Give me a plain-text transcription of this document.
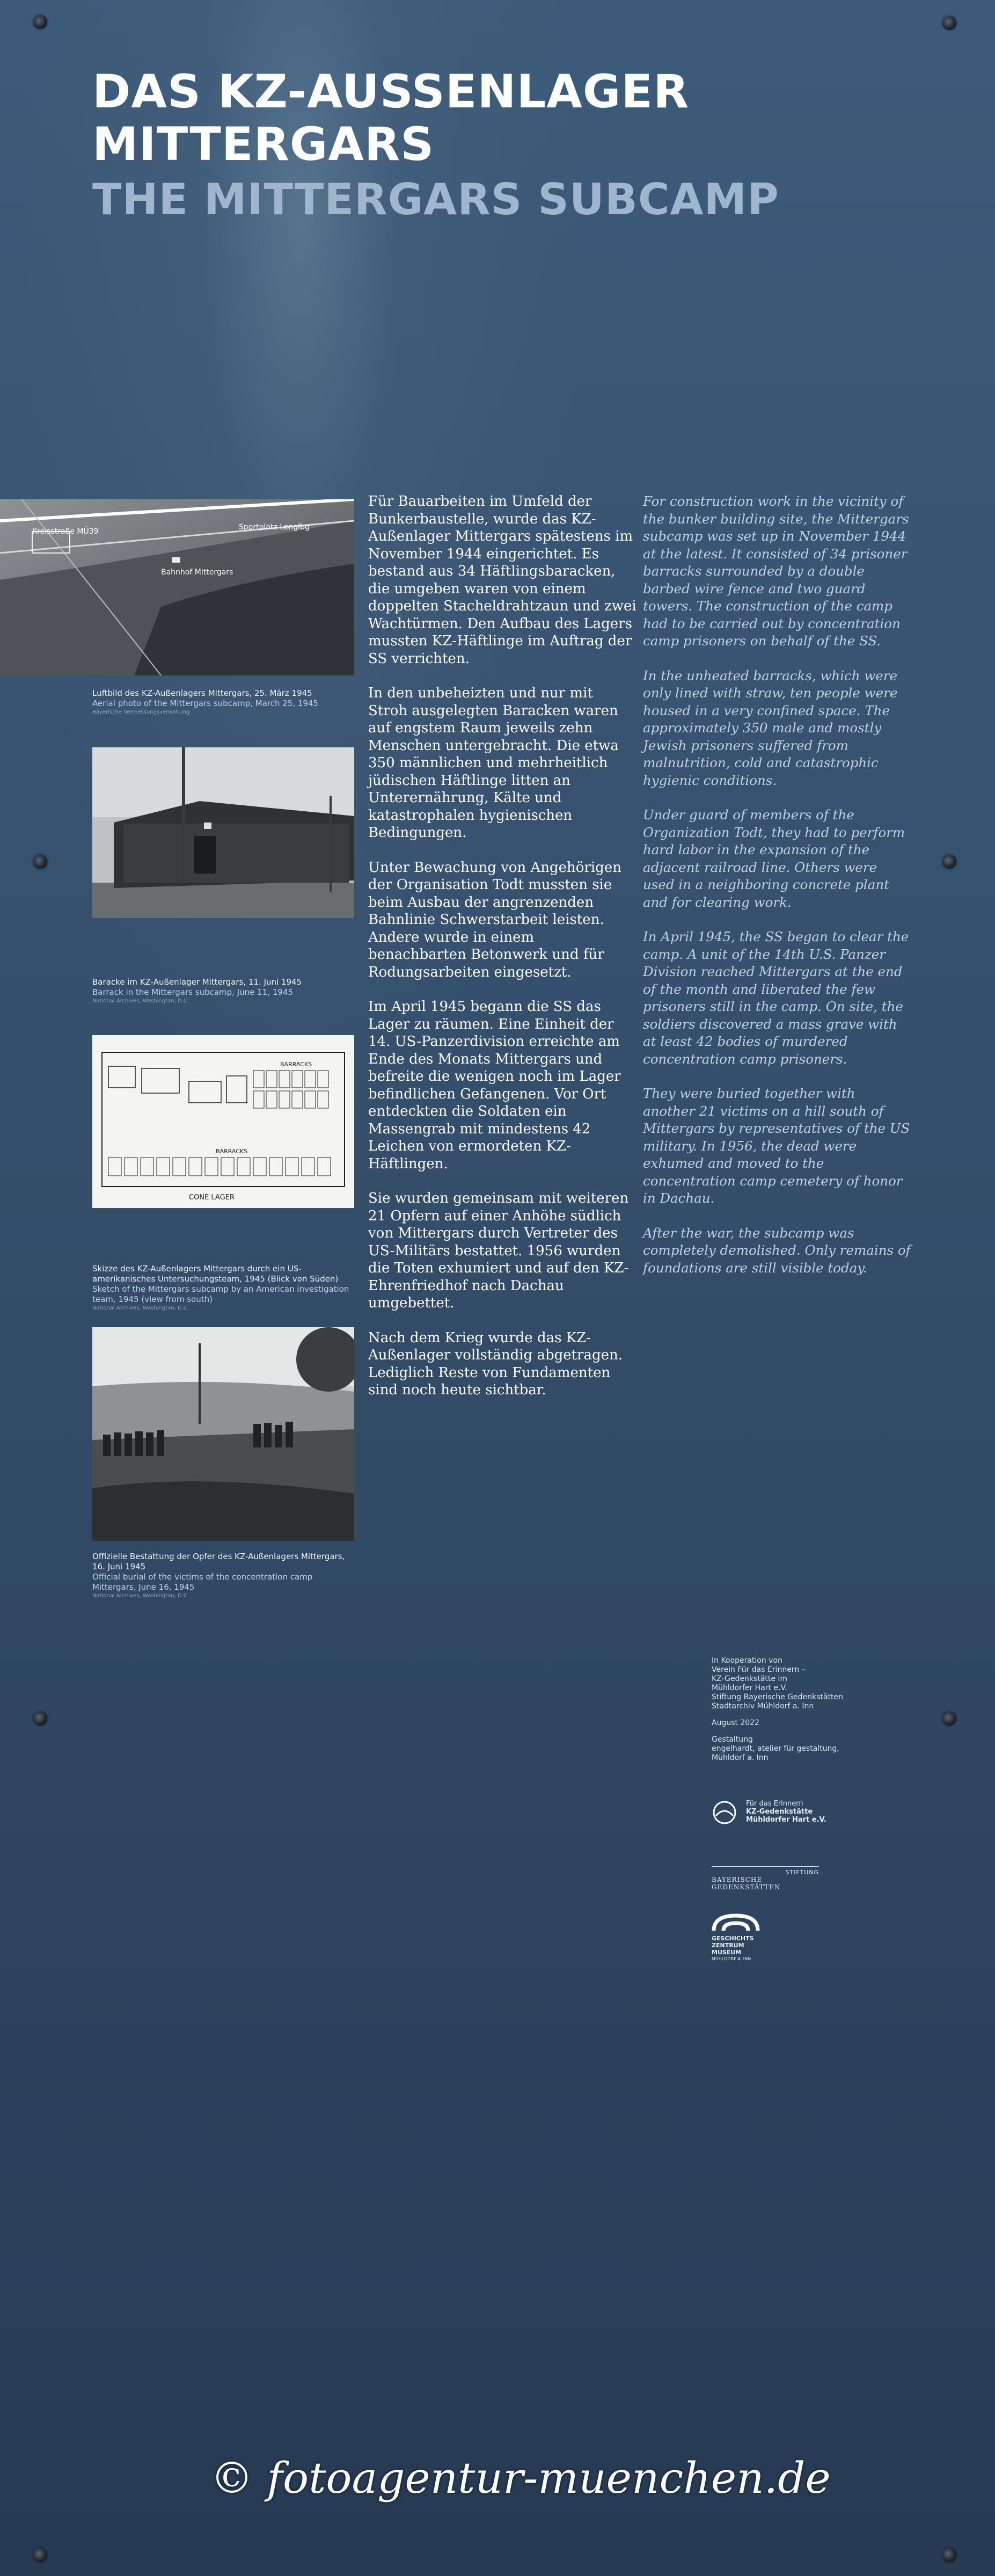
DAS KZ-AUSSENLAGER
MITTERGARS
THE MITTERGARS SUBCAMP
Kreisstraße MÜ39	Sportplatz Lenglbg
Bahnhof Mittergars
Luftbild des KZ-Außenlagers Mittergars, 25. März 1945
Aerial photo of the Mittergars subcamp, March 25, 1945
Bayerische Vermessungsverwaltung
Baracke im KZ-Außenlager Mittergars, 11. Juni 1945
Barrack in the Mittergars subcamp, June 11, 1945
National Archives, Washington, D.C.
BARRACKS
BARRACKS
CONE LAGER
Skizze des KZ-Außenlagers Mittergars durch ein US-amerikanisches Untersuchungsteam, 1945 (Blick von Süden)
Sketch of the Mittergars subcamp by an American investigation team, 1945 (view from south)
National Archives, Washington, D.C.
Offizielle Bestattung der Opfer des KZ-Außenlagers Mittergars, 16. Juni 1945
Official burial of the victims of the concentration camp Mittergars, June 16, 1945
National Archives, Washington, D.C.

Für Bauarbeiten im Umfeld der Bunkerbaustelle, wurde das KZ-Außenlager Mittergars spätestens im November 1944 eingerichtet. Es bestand aus 34 Häftlingsbaracken, die umgeben waren von einem doppelten Stacheldrahtzaun und zwei Wachtürmen. Den Aufbau des Lagers mussten KZ-Häftlinge im Auftrag der SS verrichten.

In den unbeheizten und nur mit Stroh ausgelegten Baracken waren auf engstem Raum jeweils zehn Menschen untergebracht. Die etwa 350 männlichen und mehrheitlich jüdischen Häftlinge litten an Unterernährung, Kälte und katastrophalen hygienischen Bedingungen.

Unter Bewachung von Angehörigen der Organisation Todt mussten sie beim Ausbau der angrenzenden Bahnlinie Schwerstarbeit leisten. Andere wurde in einem benachbarten Betonwerk und für Rodungsarbeiten eingesetzt.

Im April 1945 begann die SS das Lager zu räumen. Eine Einheit der 14. US-Panzerdivision erreichte am Ende des Monats Mittergars und befreite die wenigen noch im Lager befindlichen Gefangenen. Vor Ort entdeckten die Soldaten ein Massengrab mit mindestens 42 Leichen von ermordeten KZ-Häftlingen.

Sie wurden gemeinsam mit weiteren 21 Opfern auf einer Anhöhe südlich von Mittergars durch Vertreter des US-Militärs bestattet. 1956 wurden die Toten exhumiert und auf den KZ-Ehrenfriedhof nach Dachau umgebettet.

Nach dem Krieg wurde das KZ-Außenlager vollständig abgetragen. Lediglich Reste von Fundamenten sind noch heute sichtbar.

For construction work in the vicinity of the bunker building site, the Mittergars subcamp was set up in November 1944 at the latest. It consisted of 34 prisoner barracks surrounded by a double barbed wire fence and two guard towers. The construction of the camp had to be carried out by concentration camp prisoners on behalf of the SS.

In the unheated barracks, which were only lined with straw, ten people were housed in a very confined space. The approximately 350 male and mostly Jewish prisoners suffered from malnutrition, cold and catastrophic hygienic conditions.

Under guard of members of the Organization Todt, they had to perform hard labor in the expansion of the adjacent railroad line. Others were used in a neighboring concrete plant and for clearing work.

In April 1945, the SS began to clear the camp. A unit of the 14th U.S. Panzer Division reached Mittergars at the end of the month and liberated the few prisoners still in the camp. On site, the soldiers discovered a mass grave with at least 42 bodies of murdered concentration camp prisoners.

They were buried together with another 21 victims on a hill south of Mittergars by representatives of the US military. In 1956, the dead were exhumed and moved to the concentration camp cemetery of honor in Dachau.

After the war, the subcamp was completely demolished. Only remains of foundations are still visible today.

In Kooperation von
Verein Für das Erinnern –
KZ-Gedenkstätte im
Mühldorfer Hart e.V.
Stiftung Bayerische Gedenkstätten
Stadtarchiv Mühldorf a. Inn

August 2022

Gestaltung
engelhardt, atelier für gestaltung,
Mühldorf a. Inn

Für das Erinnern
KZ-Gedenkstätte
Mühldorfer Hart e.V.
STIFTUNG
BAYERISCHE GEDENKSTÄTTEN
GESCHICHTS
ZENTRUM
MUSEUM
MÜHLDORF A. INN
© fotoagentur-muenchen.de
